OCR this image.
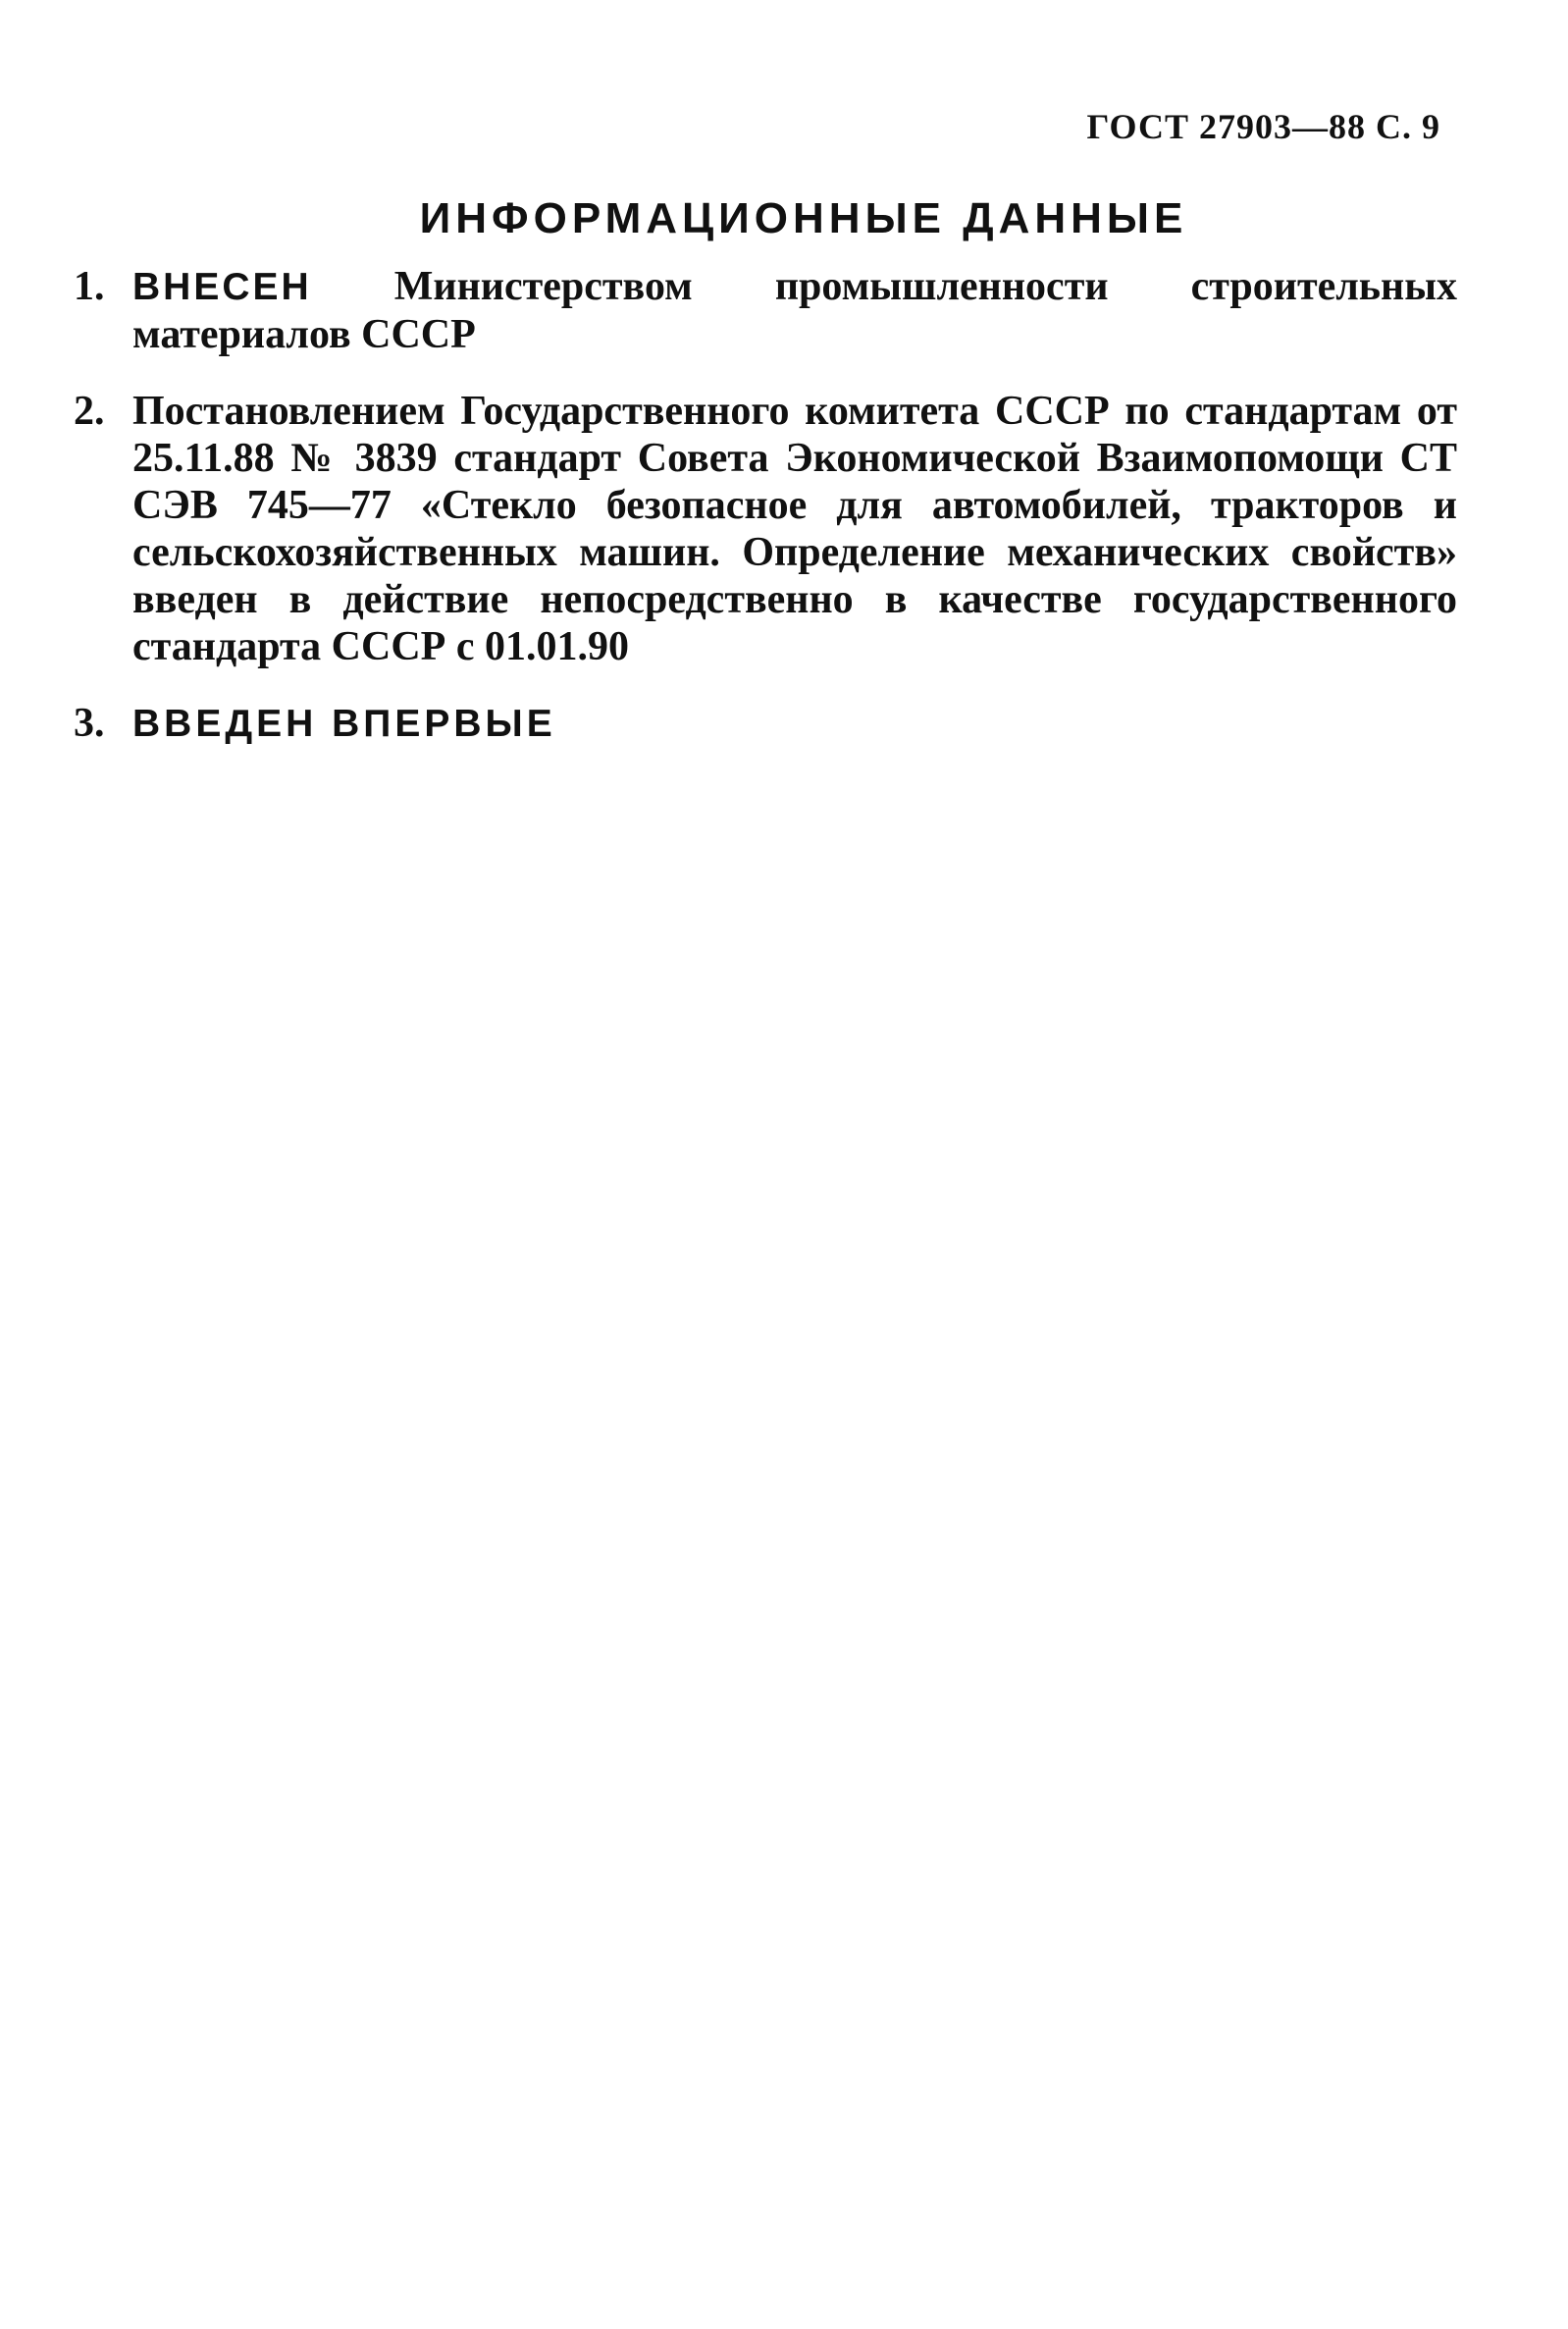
ГОСТ 27903—88 С. 9
ИНФОРМАЦИОННЫЕ ДАННЫЕ
1. ВНЕСЕН Министерством промышленности строительных материалов СССР
2. Постановлением Государственного комитета СССР по стандартам от 25.11.88 № 3839 стандарт Совета Экономической Взаимопомощи СТ СЭВ 745—77 «Стекло безопасное для автомобилей, тракторов и сельскохозяйственных машин. Определение механических свойств» введен в действие непосредственно в качестве государственного стандарта СССР с 01.01.90
3. ВВЕДЕН ВПЕРВЫЕ
